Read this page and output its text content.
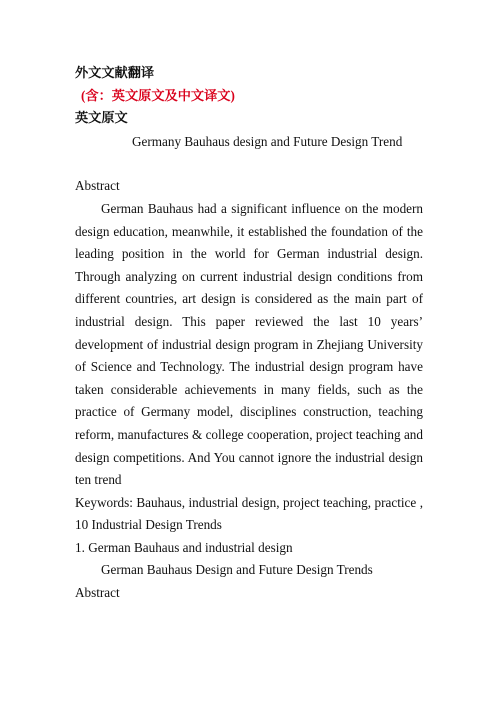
外文文献翻译
(含：英文原文及中文译文)
英文原文
Germany Bauhaus design and Future Design Trend
Abstract

German Bauhaus had a significant influence on the modern design education, meanwhile, it established the foundation of the leading position in the world for German industrial design. Through analyzing on current industrial design conditions from different countries, art design is considered as the main part of industrial design. This paper reviewed the last 10 years’ development of industrial design program in Zhejiang University of Science and Technology. The industrial design program have taken considerable achievements in many fields, such as the practice of Germany model, disciplines construction, teaching reform, manufactures & college cooperation, project teaching and design competitions. And You cannot ignore the industrial design ten trend

Keywords: Bauhaus, industrial design, project teaching, practice , 10 Industrial Design Trends

1. German Bauhaus and industrial design
German Bauhaus Design and Future Design Trends
Abstract
